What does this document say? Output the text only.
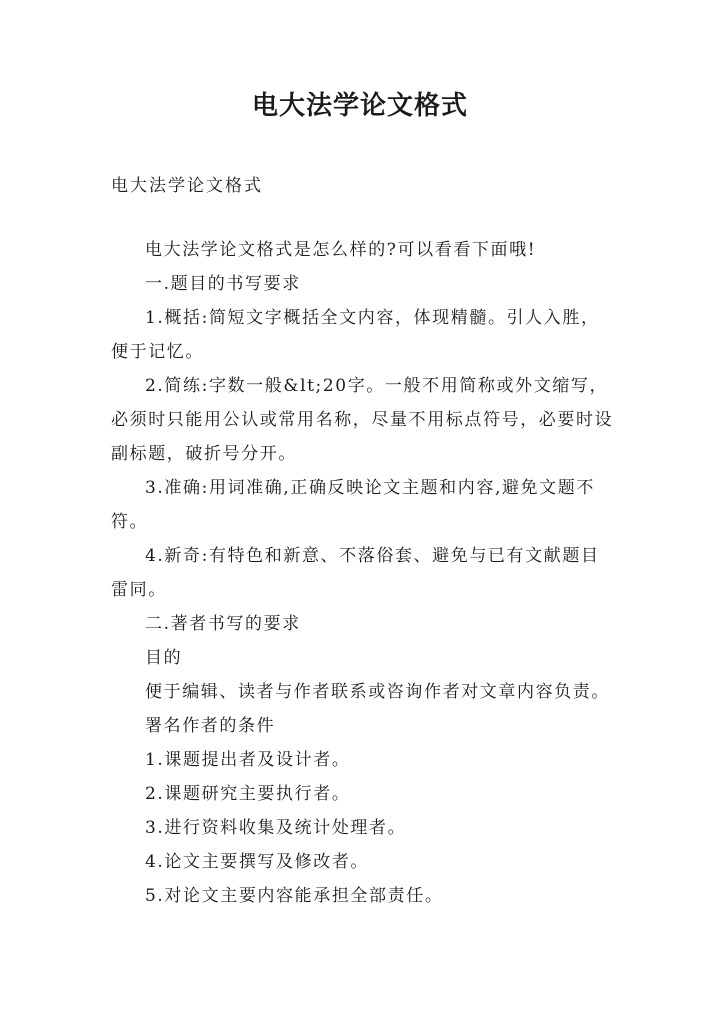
电大法学论文格式

电大法学论文格式

电大法学论文格式是怎么样的?可以看看下面哦!

一.题目的书写要求

1.概括:简短文字概括全文内容，体现精髓。引人入胜，便于记忆。

2.简练:字数一般&lt;20字。一般不用简称或外文缩写，必须时只能用公认或常用名称，尽量不用标点符号，必要时设副标题，破折号分开。

3.准确:用词准确,正确反映论文主题和内容,避免文题不符。

4.新奇:有特色和新意、不落俗套、避免与已有文献题目雷同。

二.著者书写的要求

目的

便于编辑、读者与作者联系或咨询作者对文章内容负责。

署名作者的条件

1.课题提出者及设计者。

2.课题研究主要执行者。

3.进行资料收集及统计处理者。

4.论文主要撰写及修改者。

5.对论文主要内容能承担全部责任。
